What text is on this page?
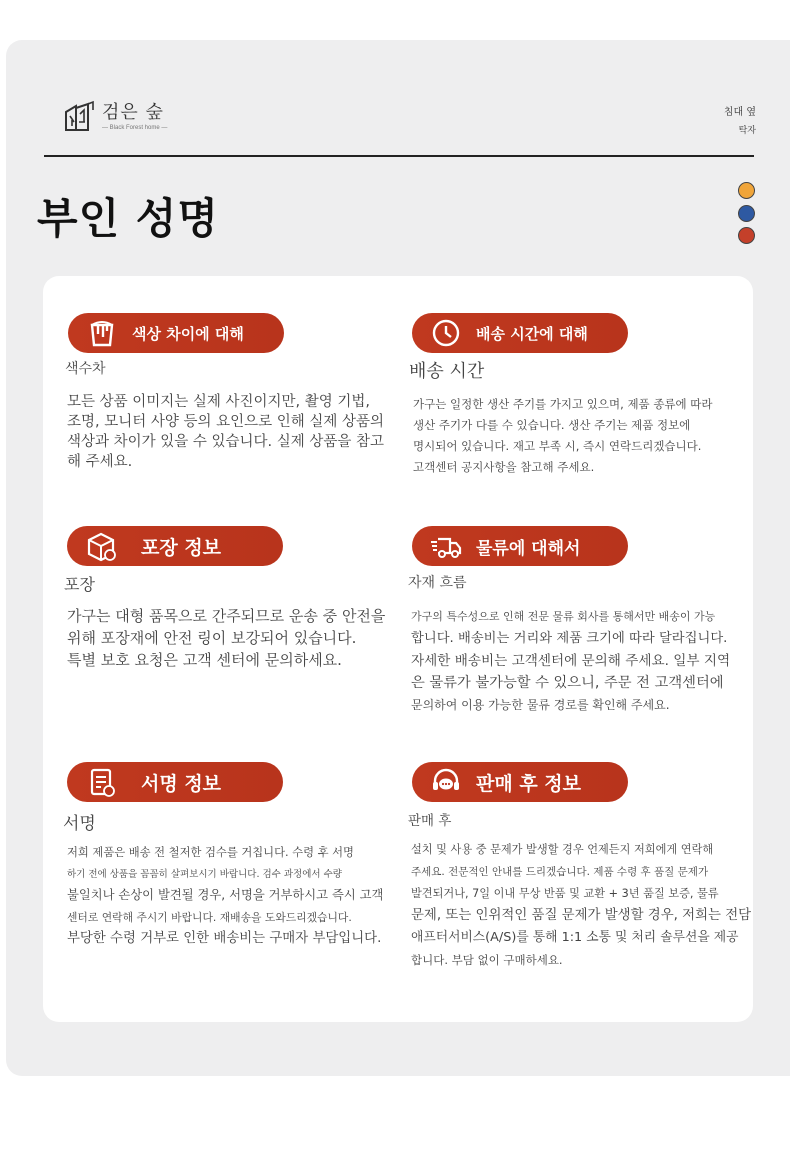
검은 숲
— Black Forest home —
침대 옆
탁자
부인 성명
색상 차이에 대해
색수차

모든 상품 이미지는 실제 사진이지만, 촬영 기법,

조명, 모니터 사양 등의 요인으로 인해 실제 상품의

색상과 차이가 있을 수 있습니다. 실제 상품을 참고

해 주세요.

배송 시간에 대해
배송 시간

가구는 일정한 생산 주기를 가지고 있으며, 제품 종류에 따라

생산 주기가 다를 수 있습니다. 생산 주기는 제품 정보에

명시되어 있습니다. 재고 부족 시, 즉시 연락드리겠습니다.

고객센터 공지사항을 참고해 주세요.

포장 정보
포장

가구는 대형 품목으로 간주되므로 운송 중 안전을

위해 포장재에 안전 링이 보강되어 있습니다.

특별 보호 요청은 고객 센터에 문의하세요.

물류에 대해서
자재 흐름

가구의 특수성으로 인해 전문 물류 회사를 통해서만 배송이 가능

합니다. 배송비는 거리와 제품 크기에 따라 달라집니다.

자세한 배송비는 고객센터에 문의해 주세요. 일부 지역

은 물류가 불가능할 수 있으니, 주문 전 고객센터에

문의하여 이용 가능한 물류 경로를 확인해 주세요.

서명 정보
서명

저희 제품은 배송 전 철저한 검수를 거칩니다. 수령 후 서명

하기 전에 상품을 꼼꼼히 살펴보시기 바랍니다. 검수 과정에서 수량

불일치나 손상이 발견될 경우, 서명을 거부하시고 즉시 고객

센터로 연락해 주시기 바랍니다. 재배송을 도와드리겠습니다.

부당한 수령 거부로 인한 배송비는 구매자 부담입니다.

판매 후 정보
판매 후

설치 및 사용 중 문제가 발생할 경우 언제든지 저희에게 연락해

주세요. 전문적인 안내를 드리겠습니다. 제품 수령 후 품질 문제가

발견되거나, 7일 이내 무상 반품 및 교환 + 3년 품질 보증, 물류

문제, 또는 인위적인 품질 문제가 발생할 경우, 저희는 전담

애프터서비스(A/S)를 통해 1:1 소통 및 처리 솔루션을 제공

합니다. 부담 없이 구매하세요.
